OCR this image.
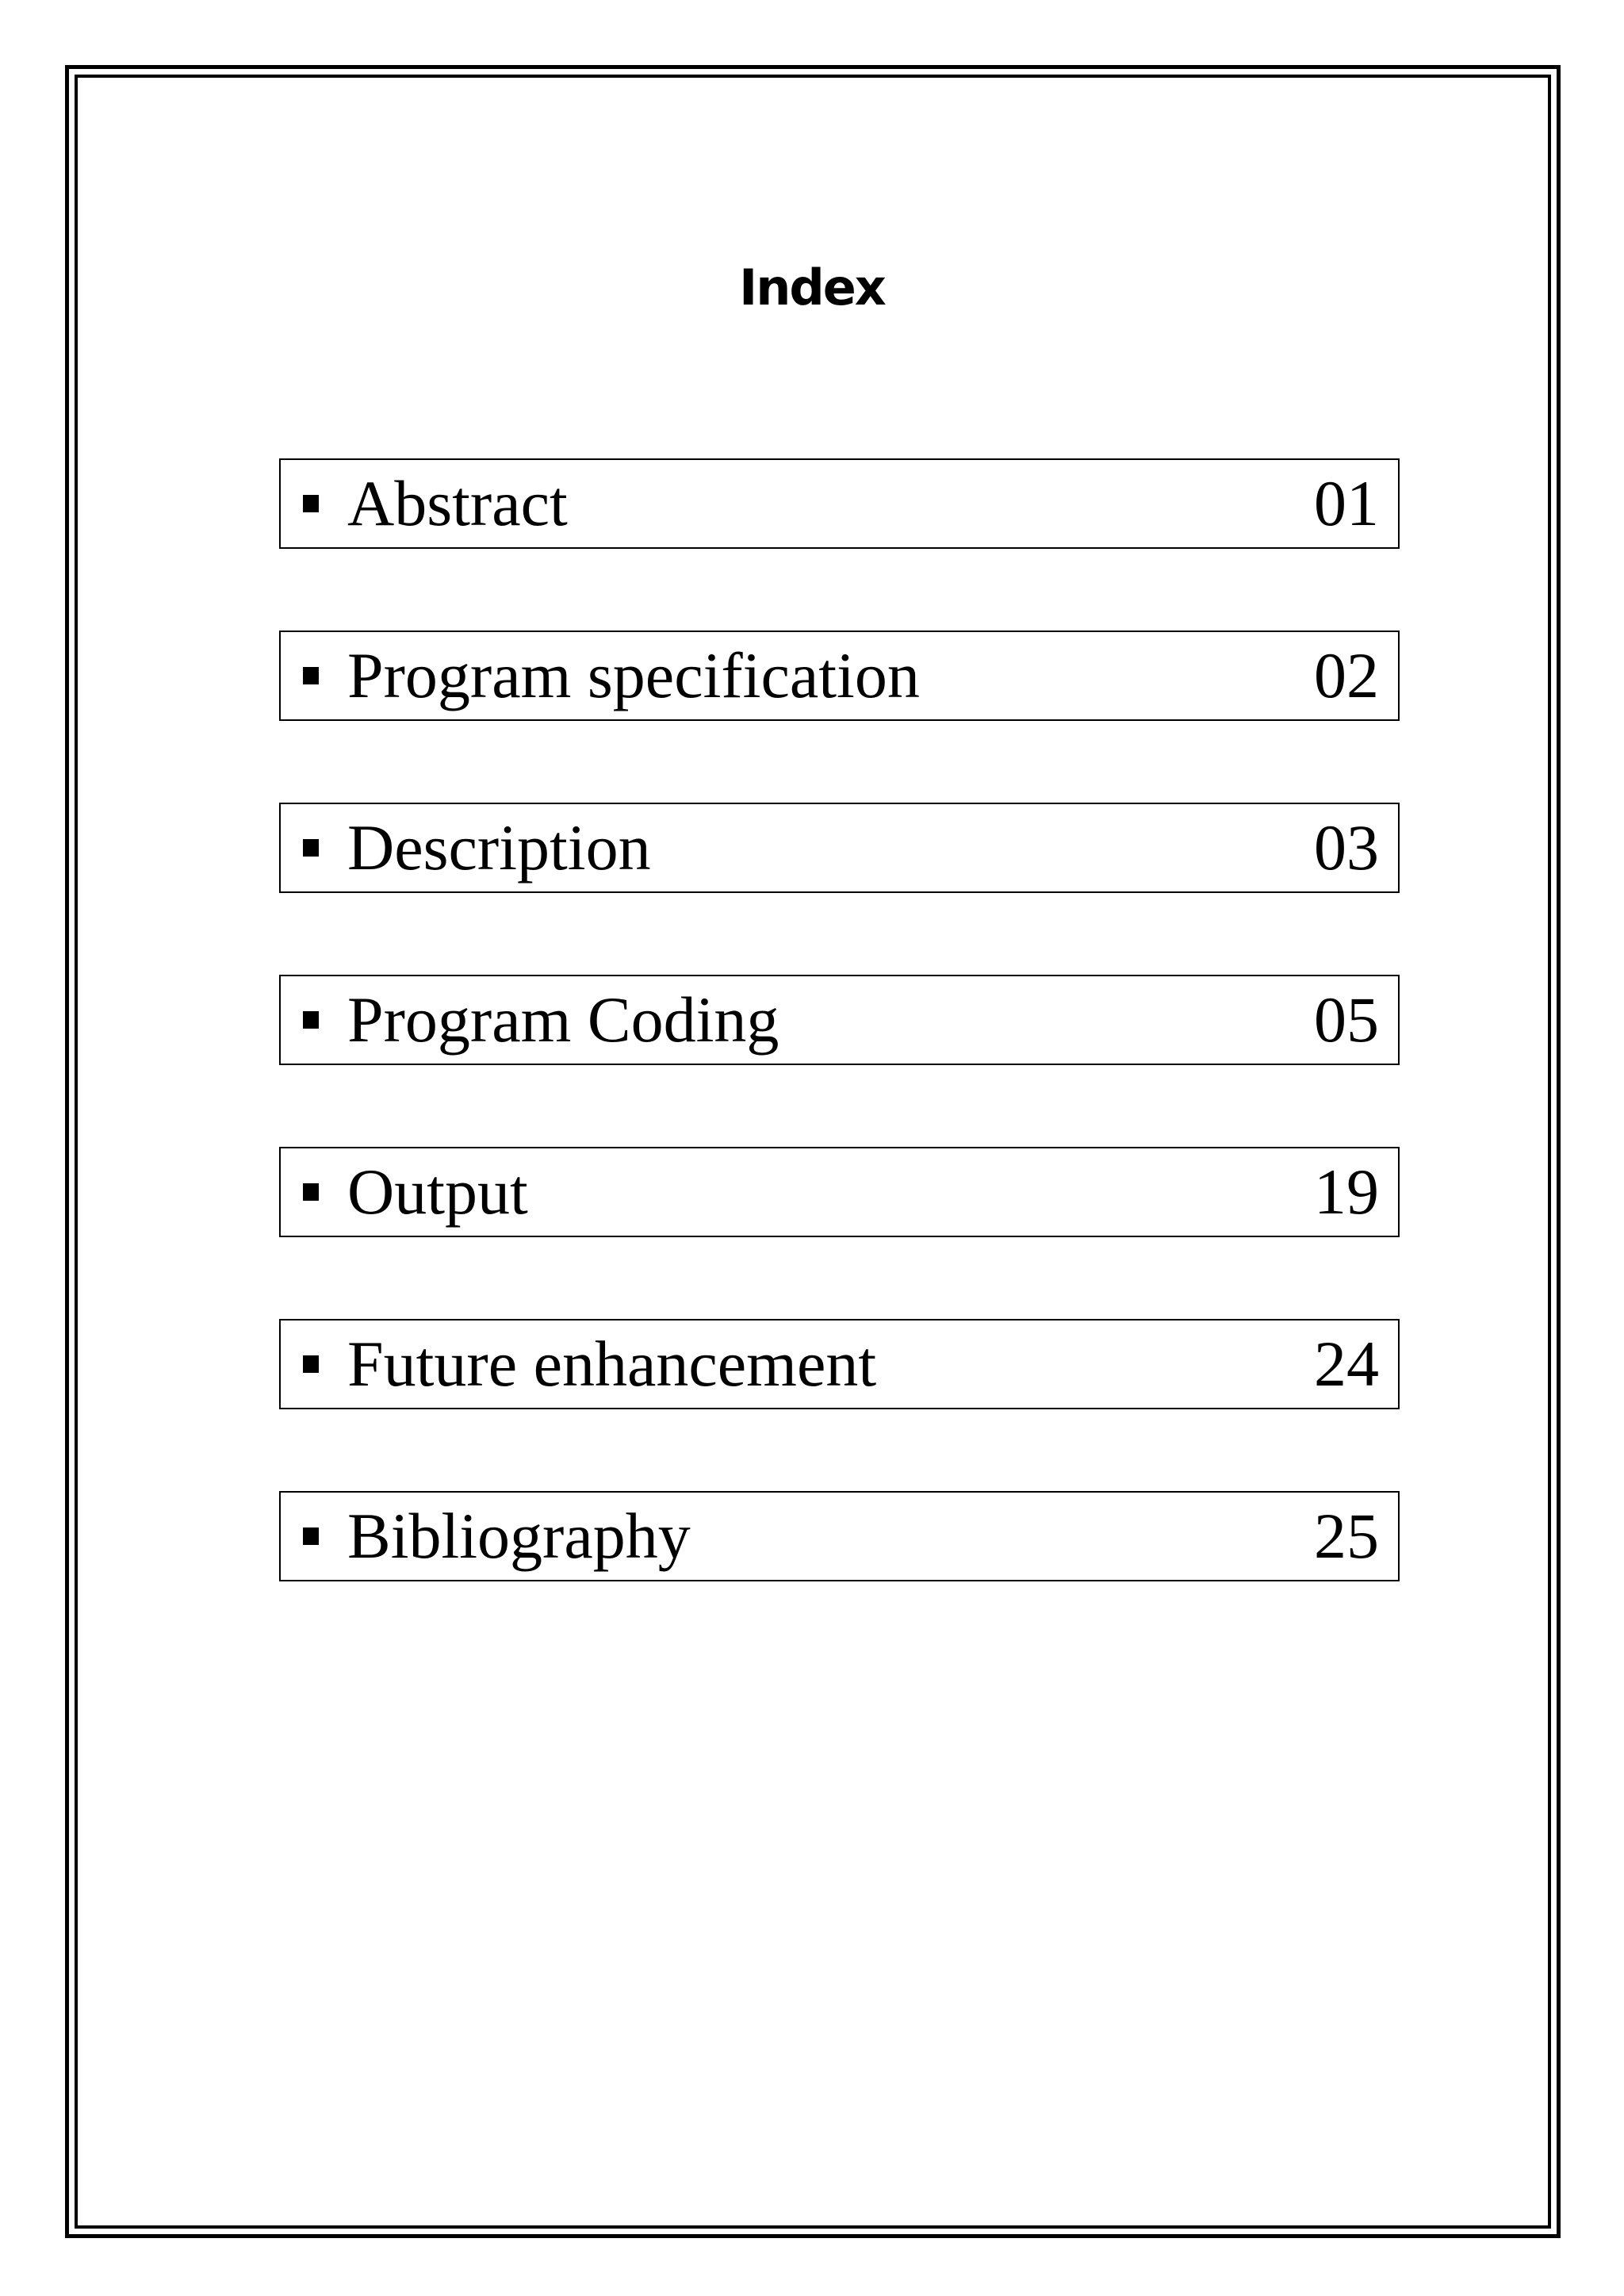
Index
Abstract	01
Program specification	02
Description	03
Program Coding	05
Output	19
Future enhancement	24
Bibliography	25
